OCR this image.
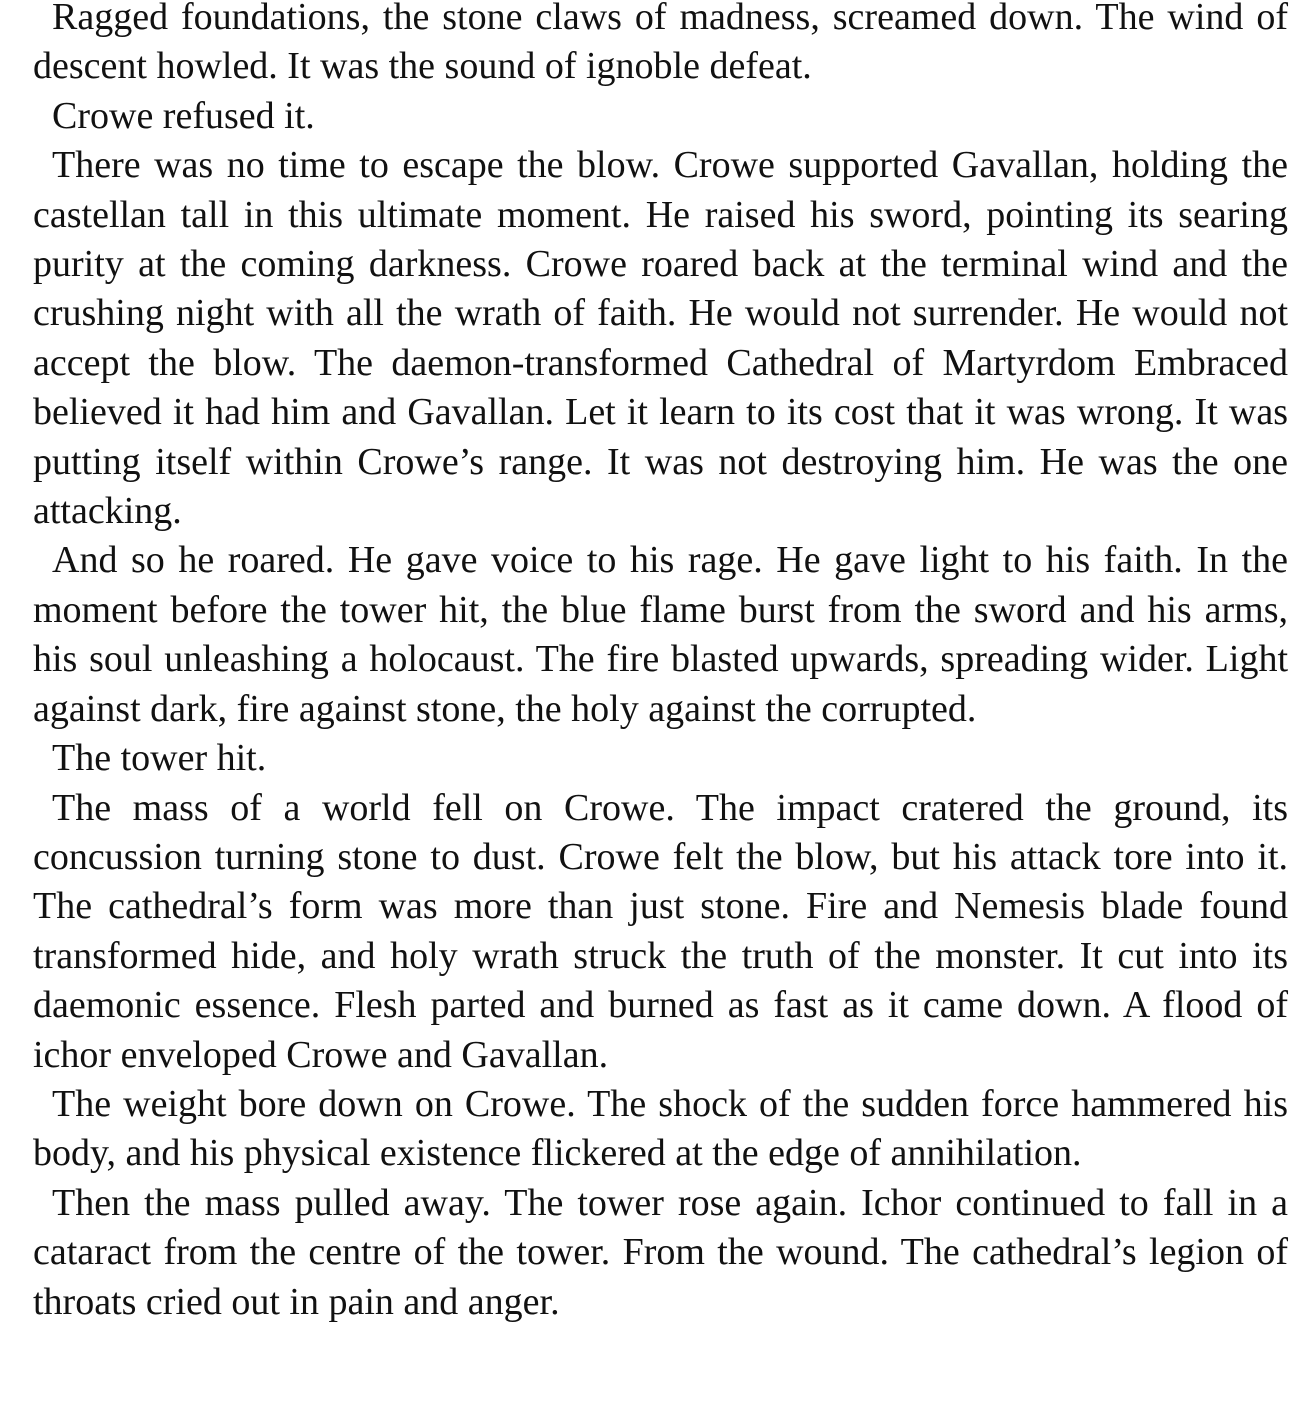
Ragged foundations, the stone claws of madness, screamed down. The wind of descent howled. It was the sound of ignoble defeat.

Crowe refused it.

There was no time to escape the blow. Crowe supported Gavallan, holding the castellan tall in this ultimate moment. He raised his sword, pointing its searing purity at the coming darkness. Crowe roared back at the terminal wind and the crushing night with all the wrath of faith. He would not surrender. He would not accept the blow. The daemon-transformed Cathedral of Martyrdom Embraced believed it had him and Gavallan. Let it learn to its cost that it was wrong. It was putting itself within Crowe’s range. It was not destroying him. He was the one attacking.

And so he roared. He gave voice to his rage. He gave light to his faith. In the moment before the tower hit, the blue flame burst from the sword and his arms, his soul unleashing a holocaust. The fire blasted upwards, spreading wider. Light against dark, fire against stone, the holy against the corrupted.

The tower hit.

The mass of a world fell on Crowe. The impact cratered the ground, its concussion turning stone to dust. Crowe felt the blow, but his attack tore into it. The cathedral’s form was more than just stone. Fire and Nemesis blade found transformed hide, and holy wrath struck the truth of the monster. It cut into its daemonic essence. Flesh parted and burned as fast as it came down. A flood of ichor enveloped Crowe and Gavallan.

The weight bore down on Crowe. The shock of the sudden force hammered his body, and his physical existence flickered at the edge of annihilation.

Then the mass pulled away. The tower rose again. Ichor continued to fall in a cataract from the centre of the tower. From the wound. The cathedral’s legion of throats cried out in pain and anger.
